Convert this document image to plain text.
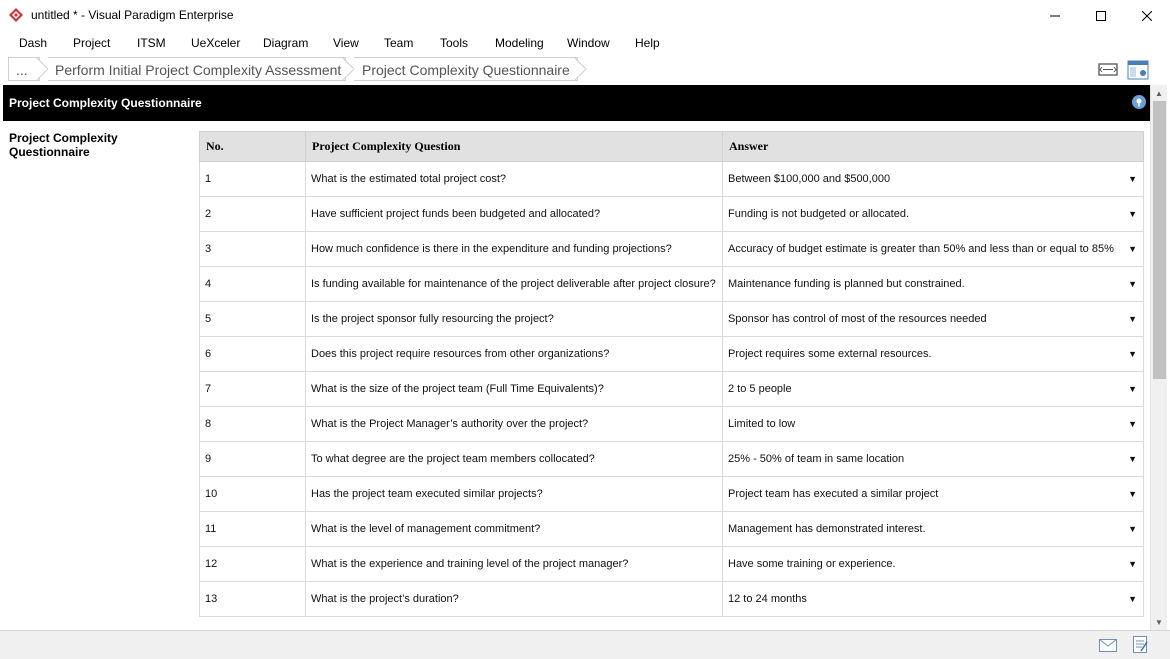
untitled * - Visual Paradigm Enterprise
Dash Project ITSM UeXceler Diagram View Team Tools Modeling Window Help
... Perform Initial Project Complexity Assessment Project Complexity Questionnaire
Project Complexity Questionnaire
Project Complexity Questionnaire	No.	Project Complexity Question	Answer
1	What is the estimated total project cost?	Between $100,000 and $500,000 ▼

2	Have sufficient project funds been budgeted and allocated?	Funding is not budgeted or allocated. ▼

3	How much confidence is there in the expenditure and funding projections?	Accuracy of budget estimate is greater than 50% and less than or equal to 85% ▼

4	Is funding available for maintenance of the project deliverable after project closure?	Maintenance funding is planned but constrained. ▼

5	Is the project sponsor fully resourcing the project?	Sponsor has control of most of the resources needed ▼

6	Does this project require resources from other organizations?	Project requires some external resources. ▼

7	What is the size of the project team (Full Time Equivalents)?	2 to 5 people ▼

8	What is the Project Manager’s authority over the project?	Limited to low ▼

9	To what degree are the project team members collocated?	25% - 50% of team in same location ▼

10	Has the project team executed similar projects?	Project team has executed a similar project ▼

11	What is the level of management commitment?	Management has demonstrated interest. ▼

12	What is the experience and training level of the project manager?	Have some training or experience. ▼

13	What is the project’s duration?	12 to 24 months ▼
▲
▼
